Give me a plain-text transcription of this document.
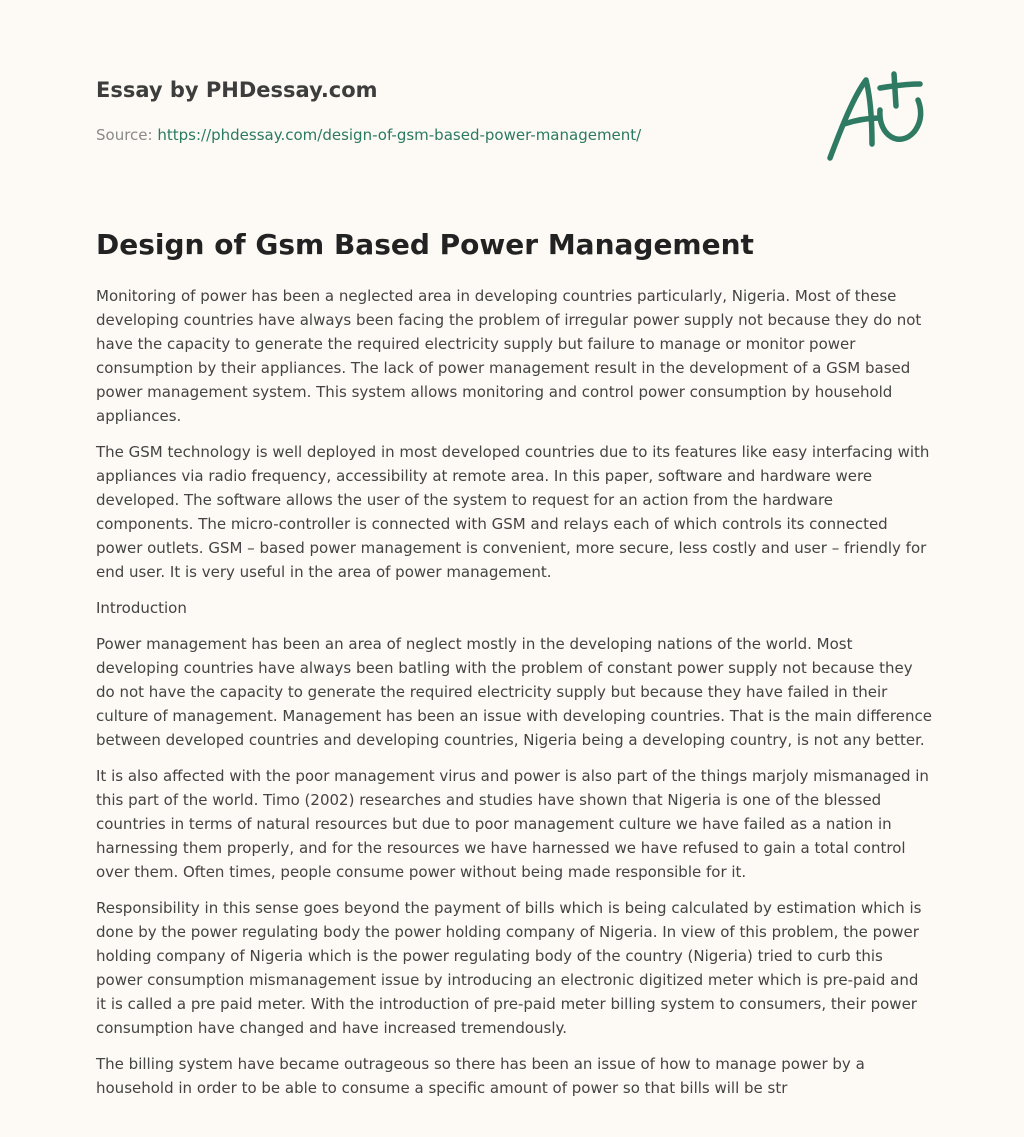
Essay by PHDessay.com
Source: https://phdessay.com/design-of-gsm-based-power-management/
Design of Gsm Based Power Management

Monitoring of power has been a neglected area in developing countries particularly, Nigeria. Most of these developing countries have always been facing the problem of irregular power supply not because they do not have the capacity to generate the required electricity supply but failure to manage or monitor power consumption by their appliances. The lack of power management result in the development of a GSM based power management system. This system allows monitoring and control power consumption by household appliances.

The GSM technology is well deployed in most developed countries due to its features like easy interfacing with appliances via radio frequency, accessibility at remote area. In this paper, software and hardware were developed. The software allows the user of the system to request for an action from the hardware components. The micro-controller is connected with GSM and relays each of which controls its connected power outlets. GSM – based power management is convenient, more secure, less costly and user – friendly for end user. It is very useful in the area of power management.

Introduction

Power management has been an area of neglect mostly in the developing nations of the world. Most developing countries have always been batling with the problem of constant power supply not because they do not have the capacity to generate the required electricity supply but because they have failed in their culture of management. Management has been an issue with developing countries. That is the main difference between developed countries and developing countries, Nigeria being a developing country, is not any better.

It is also affected with the poor management virus and power is also part of the things marjoly mismanaged in this part of the world. Timo (2002) researches and studies have shown that Nigeria is one of the blessed countries in terms of natural resources but due to poor management culture we have failed as a nation in harnessing them properly, and for the resources we have harnessed we have refused to gain a total control over them. Often times, people consume power without being made responsible for it.

Responsibility in this sense goes beyond the payment of bills which is being calculated by estimation which is done by the power regulating body the power holding company of Nigeria. In view of this problem, the power holding company of Nigeria which is the power regulating body of the country (Nigeria) tried to curb this power consumption mismanagement issue by introducing an electronic digitized meter which is pre-paid and it is called a pre paid meter. With the introduction of pre-paid meter billing system to consumers, their power consumption have changed and have increased tremendously.

The billing system have became outrageous so there has been an issue of how to manage power by a household in order to be able to consume a specific amount of power so that bills will be str
